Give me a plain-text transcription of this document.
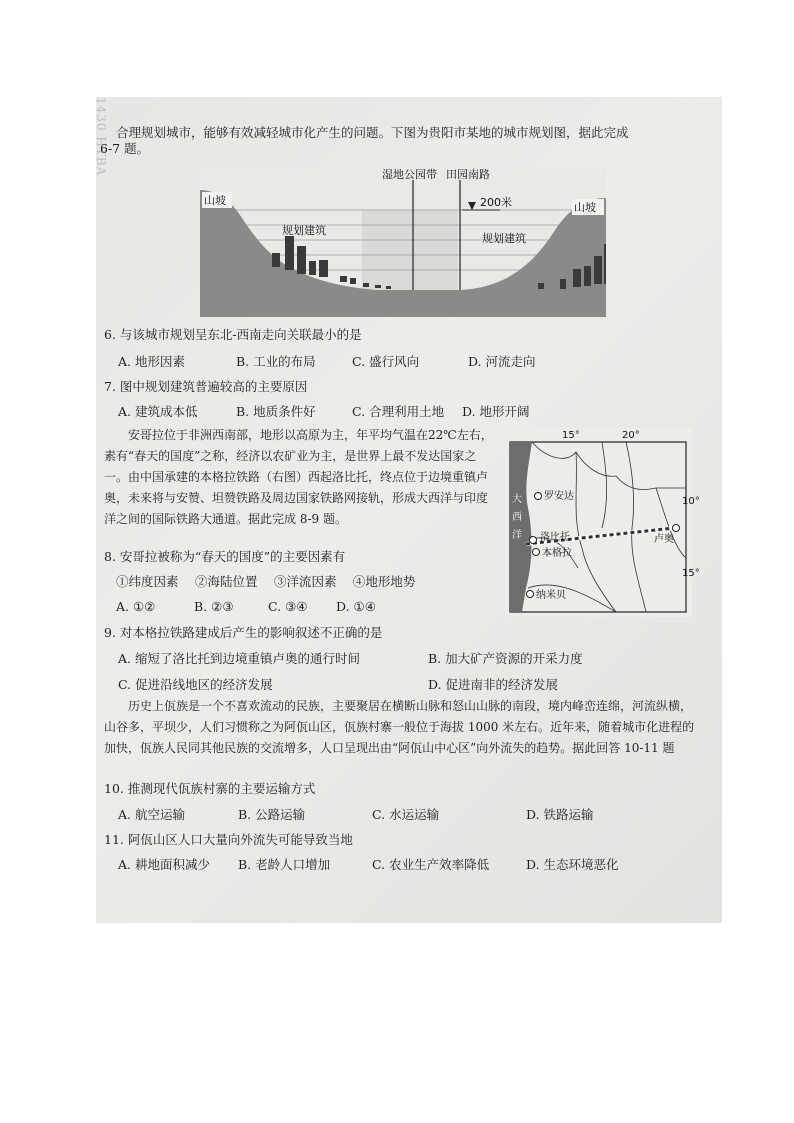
1430 HTBA 合理规划城市，能够有效减轻城市化产生的问题。下图为贵阳市某地的城市规划图，据此完成
6-7 题。
湿地公园带 田园南路
200米
山坡
山坡
规划建筑
规划建筑
6. 与该城市规划呈东北-西南走向关联最小的是
A. 地形因素	B. 工业的布局	C. 盛行风向	D. 河流走向
7. 图中规划建筑普遍较高的主要原因
A. 建筑成本低	B. 地质条件好	C. 合理利用土地 D. 地形开阔
安哥拉位于非洲西南部，地形以高原为主，年平均气温在22℃左右，素有“春天的国度”之称，经济以农矿业为主，是世界上最不发达国家之一。由中国承建的本格拉铁路（右图）西起洛比托，终点位于边境重镇卢奥，未来将与安赞、坦赞铁路及周边国家铁路网接轨，形成大西洋与印度洋之间的国际铁路大通道。据此完成 8-9 题。
15°	20°
10°
15°
大
西
洋
罗安达
洛比托
本格拉
卢奥
纳米贝
8. 安哥拉被称为“春天的国度”的主要因素有
①纬度因素　 ②海陆位置　 ③洋流因素　 ④地形地势
A. ①②	B. ②③	C. ③④ D. ①④
9. 对本格拉铁路建成后产生的影响叙述不正确的是
A. 缩短了洛比托到边境重镇卢奥的通行时间	B. 加大矿产资源的开采力度
C. 促进沿线地区的经济发展	D. 促进南非的经济发展
历史上佤族是一个不喜欢流动的民族，主要聚居在横断山脉和怒山山脉的南段，境内峰峦连绵，河流纵横，山谷多，平坝少，人们习惯称之为阿佤山区，佤族村寨一般位于海拔 1000 米左右。近年来，随着城市化进程的加快，佤族人民同其他民族的交流增多，人口呈现出由“阿佤山中心区”向外流失的趋势。据此回答 10-11 题
10. 推测现代佤族村寨的主要运输方式
A. 航空运输	B. 公路运输	C. 水运运输	D. 铁路运输
11. 阿佤山区人口大量向外流失可能导致当地
A. 耕地面积减少 B. 老龄人口增加	C. 农业生产效率降低	D. 生态环境恶化
